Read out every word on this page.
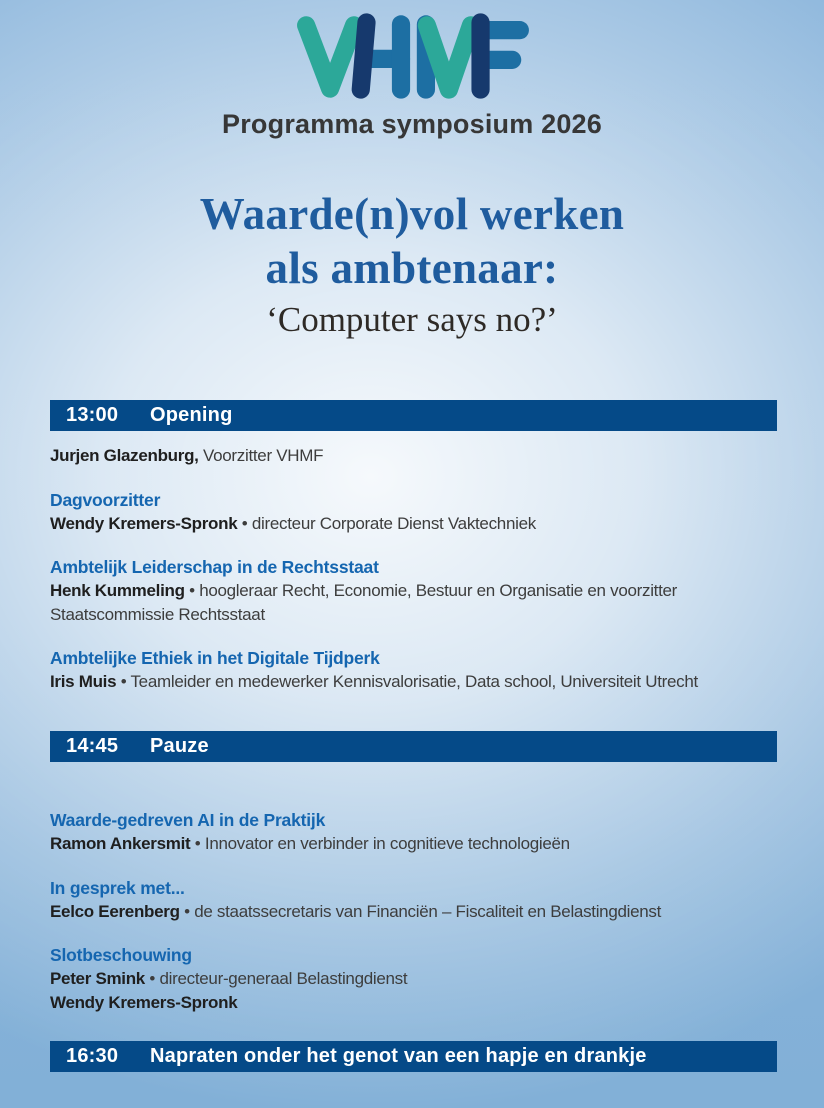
Programma symposium 2026
Waarde(n)vol werken
als ambtenaar:
‘Computer says no?’
13:00	Opening
Jurjen Glazenburg, Voorzitter VHMF
Dagvoorzitter
Wendy Kremers-Spronk • directeur Corporate Dienst Vaktechniek
Ambtelijk Leiderschap in de Rechtsstaat
Henk Kummeling • hoogleraar Recht, Economie, Bestuur en Organisatie en voorzitter Staatscommissie Rechtsstaat
Ambtelijke Ethiek in het Digitale Tijdperk
Iris Muis • Teamleider en medewerker Kennisvalorisatie, Data school, Universiteit Utrecht
14:45	Pauze
Waarde-gedreven AI in de Praktijk
Ramon Ankersmit • Innovator en verbinder in cognitieve technologieën
In gesprek met...
Eelco Eerenberg • de staatssecretaris van Financiën – Fiscaliteit en Belastingdienst
Slotbeschouwing
Peter Smink • directeur-generaal Belastingdienst
Wendy Kremers-Spronk
16:30	Napraten onder het genot van een hapje en drankje
